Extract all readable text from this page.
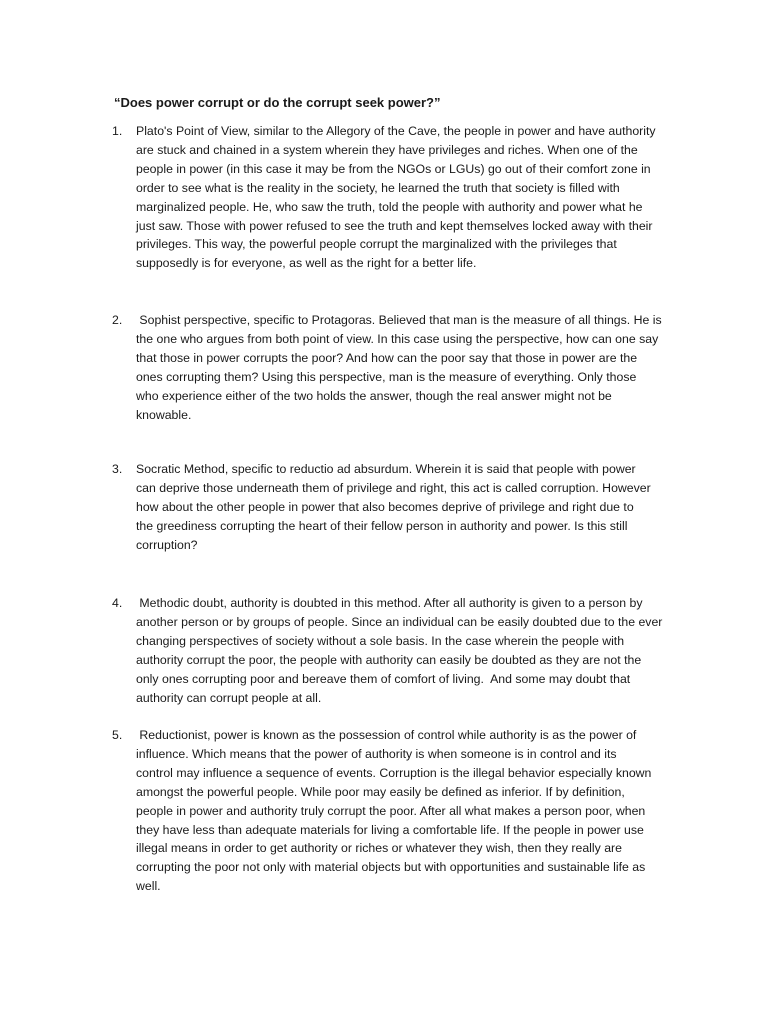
“Does power corrupt or do the corrupt seek power?”
1.	Plato's Point of View, similar to the Allegory of the Cave, the people in power and have authority
are stuck and chained in a system wherein they have privileges and riches. When one of the
people in power (in this case it may be from the NGOs or LGUs) go out of their comfort zone in
order to see what is the reality in the society, he learned the truth that society is filled with
marginalized people. He, who saw the truth, told the people with authority and power what he
just saw. Those with power refused to see the truth and kept themselves locked away with their
privileges. This way, the powerful people corrupt the marginalized with the privileges that
supposedly is for everyone, as well as the right for a better life.
2.	Sophist perspective, specific to Protagoras. Believed that man is the measure of all things. He is
the one who argues from both point of view. In this case using the perspective, how can one say
that those in power corrupts the poor? And how can the poor say that those in power are the
ones corrupting them? Using this perspective, man is the measure of everything. Only those
who experience either of the two holds the answer, though the real answer might not be
knowable.
3.	Socratic Method, specific to reductio ad absurdum. Wherein it is said that people with power
can deprive those underneath them of privilege and right, this act is called corruption. However
how about the other people in power that also becomes deprive of privilege and right due to
the greediness corrupting the heart of their fellow person in authority and power. Is this still
corruption?
4.	Methodic doubt, authority is doubted in this method. After all authority is given to a person by
another person or by groups of people. Since an individual can be easily doubted due to the ever
changing perspectives of society without a sole basis. In the case wherein the people with
authority corrupt the poor, the people with authority can easily be doubted as they are not the
only ones corrupting poor and bereave them of comfort of living.  And some may doubt that
authority can corrupt people at all.
5.	Reductionist, power is known as the possession of control while authority is as the power of
influence. Which means that the power of authority is when someone is in control and its
control may influence a sequence of events. Corruption is the illegal behavior especially known
amongst the powerful people. While poor may easily be defined as inferior. If by definition,
people in power and authority truly corrupt the poor. After all what makes a person poor, when
they have less than adequate materials for living a comfortable life. If the people in power use
illegal means in order to get authority or riches or whatever they wish, then they really are
corrupting the poor not only with material objects but with opportunities and sustainable life as
well.
